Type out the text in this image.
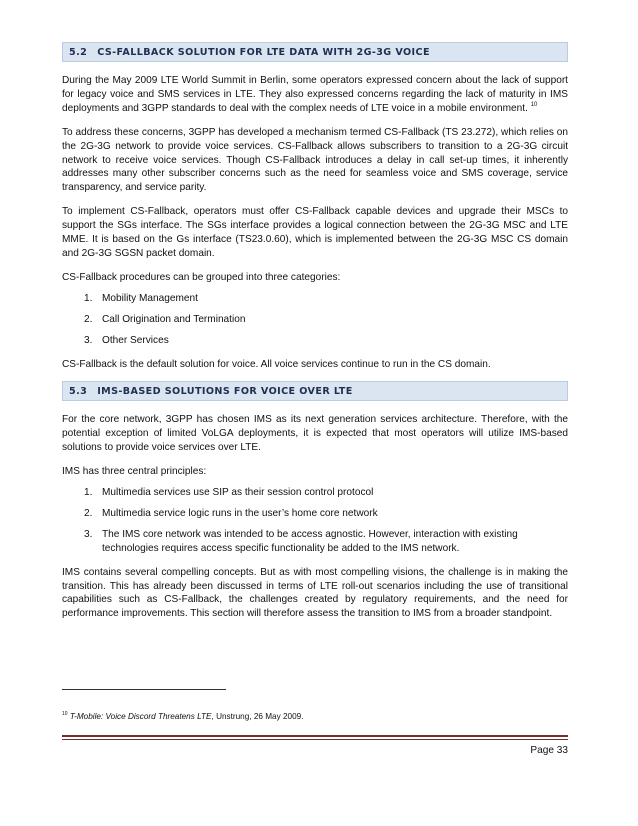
5.2 CS-FALLBACK SOLUTION FOR LTE DATA WITH 2G-3G VOICE

During the May 2009 LTE World Summit in Berlin, some operators expressed concern about the lack of support for legacy voice and SMS services in LTE. They also expressed concerns regarding the lack of maturity in IMS deployments and 3GPP standards to deal with the complex needs of LTE voice in a mobile environment. $^{10}$

To address these concerns, 3GPP has developed a mechanism termed CS-Fallback (TS 23.272), which relies on the 2G-3G network to provide voice services. CS-Fallback allows subscribers to transition to a 2G-3G circuit network to receive voice services. Though CS-Fallback introduces a delay in call set-up times, it inherently addresses many other subscriber concerns such as the need for seamless voice and SMS coverage, service transparency, and service parity.

To implement CS-Fallback, operators must offer CS-Fallback capable devices and upgrade their MSCs to support the SGs interface. The SGs interface provides a logical connection between the 2G-3G MSC and LTE MME. It is based on the Gs interface (TS23.0.60), which is implemented between the 2G-3G MSC CS domain and 2G-3G SGSN packet domain.

CS-Fallback procedures can be grouped into three categories:

1. Mobility Management
2. Call Origination and Termination
3. Other Services

CS-Fallback is the default solution for voice. All voice services continue to run in the CS domain.

5.3 IMS-BASED SOLUTIONS FOR VOICE OVER LTE

For the core network, 3GPP has chosen IMS as its next generation services architecture. Therefore, with the potential exception of limited VoLGA deployments, it is expected that most operators will utilize IMS-based solutions to provide voice services over LTE.

IMS has three central principles:

1. Multimedia services use SIP as their session control protocol
2. Multimedia service logic runs in the user’s home core network
3. The IMS core network was intended to be access agnostic. However, interaction with existing technologies requires access specific functionality be added to the IMS network.

IMS contains several compelling concepts. But as with most compelling visions, the challenge is in making the transition. This has already been discussed in terms of LTE roll-out scenarios including the use of transitional capabilities such as CS-Fallback, the challenges created by regulatory requirements, and the need for performance improvements. This section will therefore assess the transition to IMS from a broader standpoint.

$^{10}$ T-Mobile: Voice Discord Threatens LTE, Unstrung, 26 May 2009.
Page 33
